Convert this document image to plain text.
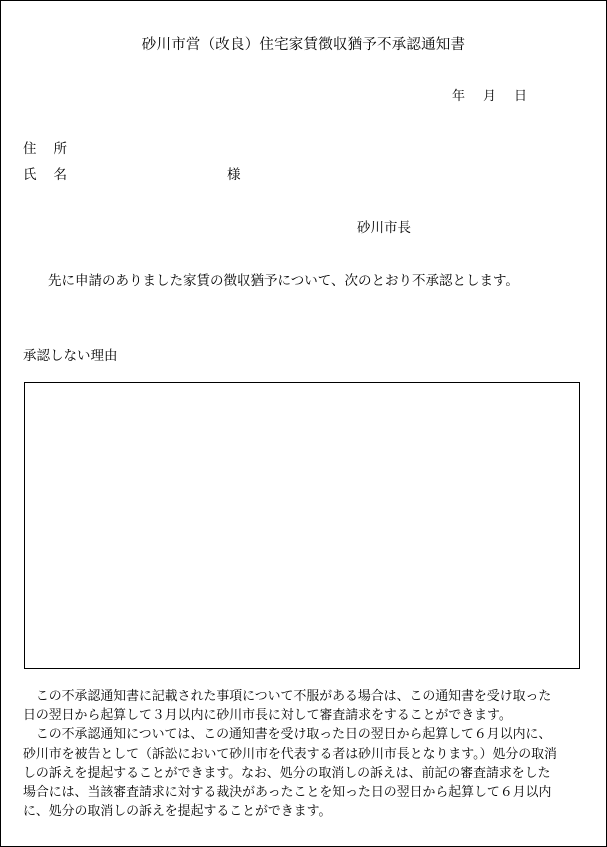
砂川市営（改良）住宅家賃徴収猶予不承認通知書
年 月 日
住 所
氏 名	様
砂川市長
先に申請のありました家賃の徴収猶予について、次のとおり不承認とします。
承認しない理由
　この不承認通知書に記載された事項について不服がある場合は、この通知書を受け取った
日の翌日から起算して３月以内に砂川市長に対して審査請求をすることができます。
　この不承認通知については、この通知書を受け取った日の翌日から起算して６月以内に、
砂川市を被告として（訴訟において砂川市を代表する者は砂川市長となります。）処分の取消
しの訴えを提起することができます。なお、処分の取消しの訴えは、前記の審査請求をした
場合には、当該審査請求に対する裁決があったことを知った日の翌日から起算して６月以内
に、処分の取消しの訴えを提起することができます。
